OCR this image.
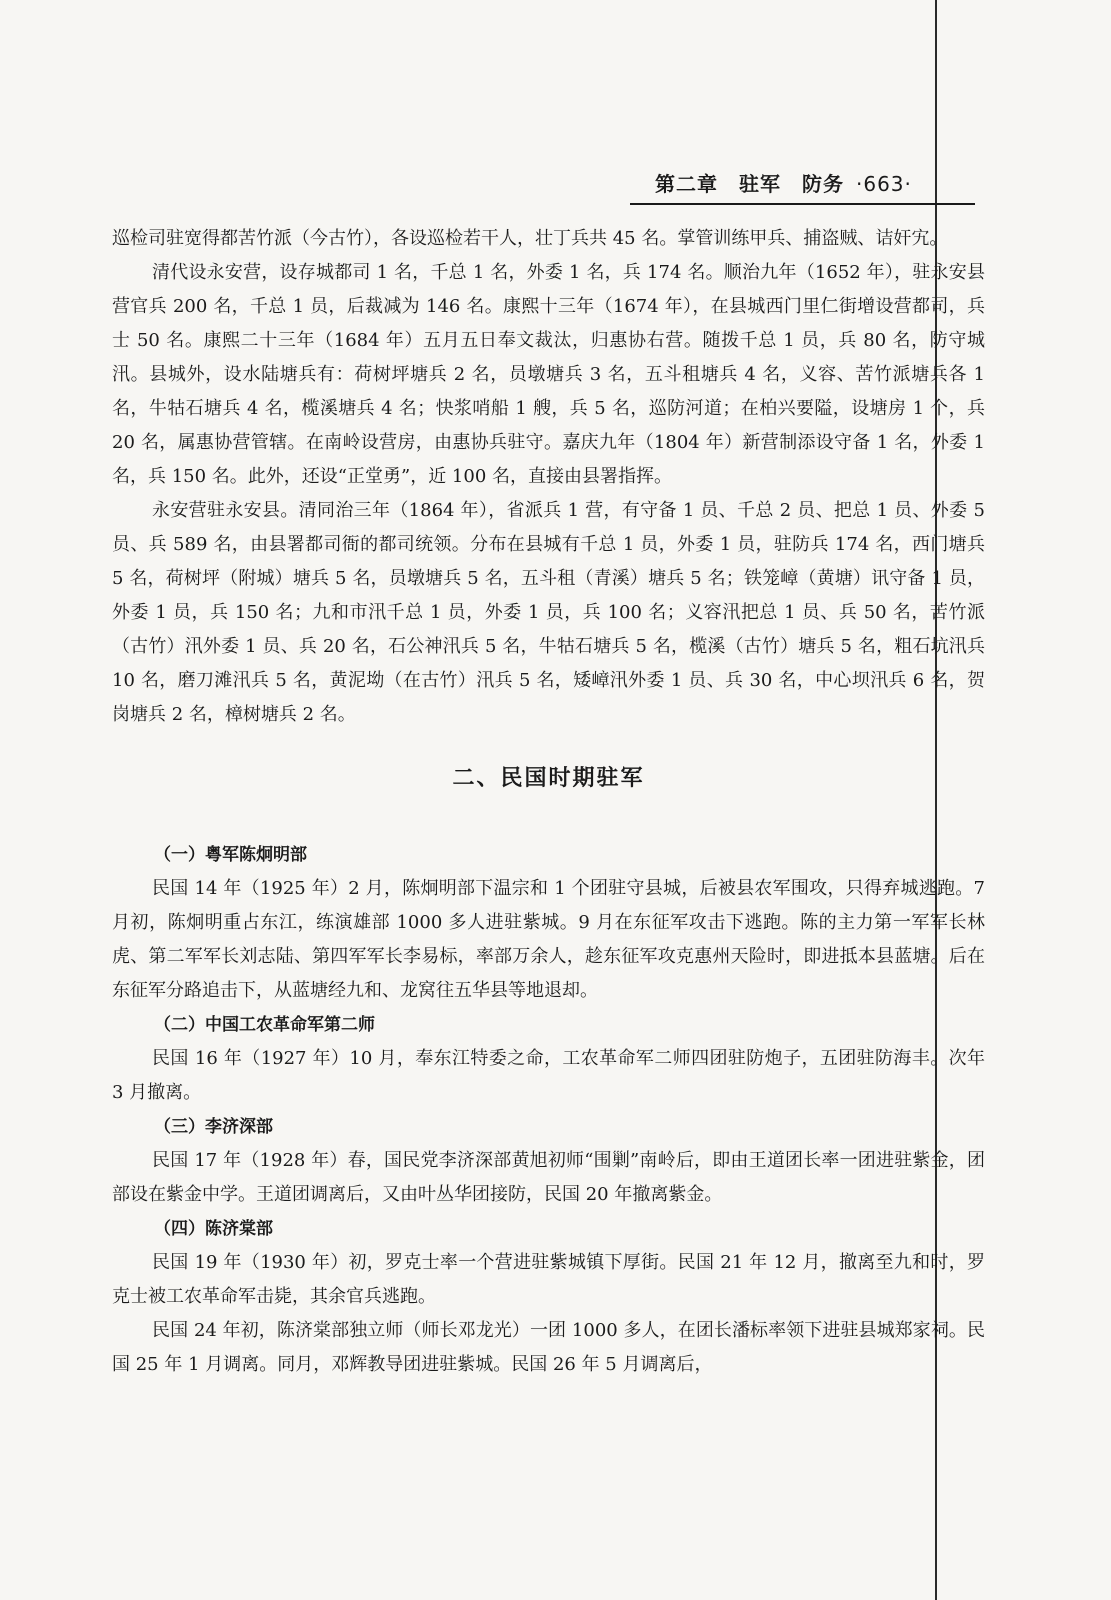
第二章　驻军　防务 ·663·

巡检司驻宽得都苦竹派（今古竹），各设巡检若干人，壮丁兵共 45 名。掌管训练甲兵、捕盗贼、诘奸宄。

清代设永安营，设存城都司 1 名，千总 1 名，外委 1 名，兵 174 名。顺治九年（1652 年），驻永安县营官兵 200 名，千总 1 员，后裁减为 146 名。康熙十三年（1674 年），在县城西门里仁街增设营都司，兵士 50 名。康熙二十三年（1684 年）五月五日奉文裁汰，归惠协右营。随拨千总 1 员，兵 80 名，防守城汛。县城外，设水陆塘兵有：荷树坪塘兵 2 名，员墩塘兵 3 名，五斗租塘兵 4 名，义容、苦竹派塘兵各 1 名，牛牯石塘兵 4 名，榄溪塘兵 4 名；快浆哨船 1 艘，兵 5 名，巡防河道；在柏兴要隘，设塘房 1 个，兵 20 名，属惠协营管辖。在南岭设营房，由惠协兵驻守。嘉庆九年（1804 年）新营制添设守备 1 名，外委 1 名，兵 150 名。此外，还设“正堂勇”，近 100 名，直接由县署指挥。

永安营驻永安县。清同治三年（1864 年），省派兵 1 营，有守备 1 员、千总 2 员、把总 1 员、外委 5 员、兵 589 名，由县署都司衙的都司统领。分布在县城有千总 1 员，外委 1 员，驻防兵 174 名，西门塘兵 5 名，荷树坪（附城）塘兵 5 名，员墩塘兵 5 名，五斗租（青溪）塘兵 5 名；铁笼嶂（黄塘）讯守备 1 员，外委 1 员，兵 150 名；九和市汛千总 1 员，外委 1 员，兵 100 名；义容汛把总 1 员、兵 50 名，苦竹派（古竹）汛外委 1 员、兵 20 名，石公神汛兵 5 名，牛牯石塘兵 5 名，榄溪（古竹）塘兵 5 名，粗石坑汛兵 10 名，磨刀滩汛兵 5 名，黄泥坳（在古竹）汛兵 5 名，矮嶂汛外委 1 员、兵 30 名，中心坝汛兵 6 名，贺岗塘兵 2 名，樟树塘兵 2 名。

二、民国时期驻军

（一）粤军陈炯明部

民国 14 年（1925 年）2 月，陈炯明部下温宗和 1 个团驻守县城，后被县农军围攻，只得弃城逃跑。7 月初，陈炯明重占东江，练演雄部 1000 多人进驻紫城。9 月在东征军攻击下逃跑。陈的主力第一军军长林虎、第二军军长刘志陆、第四军军长李易标，率部万余人，趁东征军攻克惠州天险时，即进抵本县蓝塘。后在东征军分路追击下，从蓝塘经九和、龙窝往五华县等地退却。

（二）中国工农革命军第二师

民国 16 年（1927 年）10 月，奉东江特委之命，工农革命军二师四团驻防炮子，五团驻防海丰。次年 3 月撤离。

（三）李济深部

民国 17 年（1928 年）春，国民党李济深部黄旭初师“围剿”南岭后，即由王道团长率一团进驻紫金，团部设在紫金中学。王道团调离后，又由叶丛华团接防，民国 20 年撤离紫金。

（四）陈济棠部

民国 19 年（1930 年）初，罗克士率一个营进驻紫城镇下厚街。民国 21 年 12 月，撤离至九和时，罗克士被工农革命军击毙，其余官兵逃跑。

民国 24 年初，陈济棠部独立师（师长邓龙光）一团 1000 多人，在团长潘标率领下进驻县城郑家祠。民国 25 年 1 月调离。同月，邓辉教导团进驻紫城。民国 26 年 5 月调离后，
